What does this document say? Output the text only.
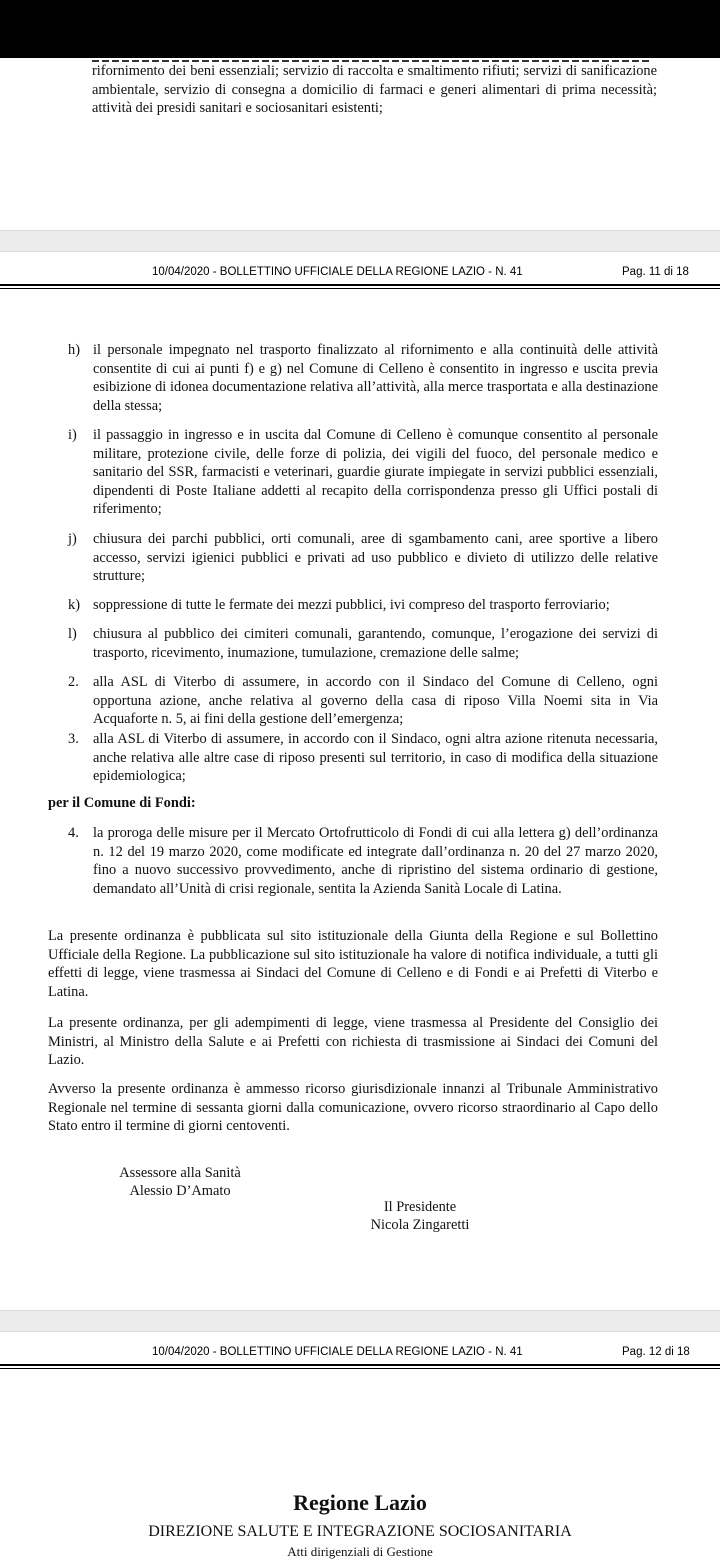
rifornimento dei beni essenziali; servizio di raccolta e smaltimento rifiuti; servizi di sanificazione ambientale, servizio di consegna a domicilio di farmaci e generi alimentari di prima necessità; attività dei presidi sanitari e sociosanitari esistenti;
10/04/2020 - BOLLETTINO UFFICIALE DELLA REGIONE LAZIO - N. 41	Pag. 11 di 18
h) il personale impegnato nel trasporto finalizzato al rifornimento e alla continuità delle attività consentite di cui ai punti f) e g) nel Comune di Celleno è consentito in ingresso e uscita previa esibizione di idonea documentazione relativa all’attività, alla merce trasportata e alla destinazione della stessa;
i)	il passaggio in ingresso e in uscita dal Comune di Celleno è comunque consentito al personale militare, protezione civile, delle forze di polizia, dei vigili del fuoco, del personale medico e sanitario del SSR, farmacisti e veterinari, guardie giurate impiegate in servizi pubblici essenziali, dipendenti di Poste Italiane addetti al recapito della corrispondenza presso gli Uffici postali di riferimento;
j)	chiusura dei parchi pubblici, orti comunali, aree di sgambamento cani, aree sportive a libero accesso, servizi igienici pubblici e privati ad uso pubblico e divieto di utilizzo delle relative strutture;
k) soppressione di tutte le fermate dei mezzi pubblici, ivi compreso del trasporto ferroviario;
l)	chiusura al pubblico dei cimiteri comunali, garantendo, comunque, l’erogazione dei servizi di trasporto, ricevimento, inumazione, tumulazione, cremazione delle salme;
2. alla ASL di Viterbo di assumere, in accordo con il Sindaco del Comune di Celleno, ogni opportuna azione, anche relativa al governo della casa di riposo Villa Noemi sita in Via Acquaforte n. 5, ai fini della gestione dell’emergenza;
3. alla ASL di Viterbo di assumere, in accordo con il Sindaco, ogni altra azione ritenuta necessaria, anche relativa alle altre case di riposo presenti sul territorio, in caso di modifica della situazione epidemiologica;
per il Comune di Fondi:
4. la proroga delle misure per il Mercato Ortofrutticolo di Fondi di cui alla lettera g) dell’ordinanza n. 12 del 19 marzo 2020, come modificate ed integrate dall’ordinanza n. 20 del 27 marzo 2020, fino a nuovo successivo provvedimento, anche di ripristino del sistema ordinario di gestione, demandato all’Unità di crisi regionale, sentita la Azienda Sanità Locale di Latina.
La presente ordinanza è pubblicata sul sito istituzionale della Giunta della Regione e sul Bollettino Ufficiale della Regione. La pubblicazione sul sito istituzionale ha valore di notifica individuale, a tutti gli effetti di legge, viene trasmessa ai Sindaci del Comune di Celleno e di Fondi e ai Prefetti di Viterbo e Latina.
La presente ordinanza, per gli adempimenti di legge, viene trasmessa al Presidente del Consiglio dei Ministri, al Ministro della Salute e ai Prefetti con richiesta di trasmissione ai Sindaci dei Comuni del Lazio.
Avverso la presente ordinanza è ammesso ricorso giurisdizionale innanzi al Tribunale Amministrativo Regionale nel termine di sessanta giorni dalla comunicazione, ovvero ricorso straordinario al Capo dello Stato entro il termine di giorni centoventi.
Assessore alla Sanità
Alessio D’Amato
Il Presidente
Nicola Zingaretti
10/04/2020 - BOLLETTINO UFFICIALE DELLA REGIONE LAZIO - N. 41	Pag. 12 di 18
Regione Lazio
DIREZIONE SALUTE E INTEGRAZIONE SOCIOSANITARIA
Atti dirigenziali di Gestione
